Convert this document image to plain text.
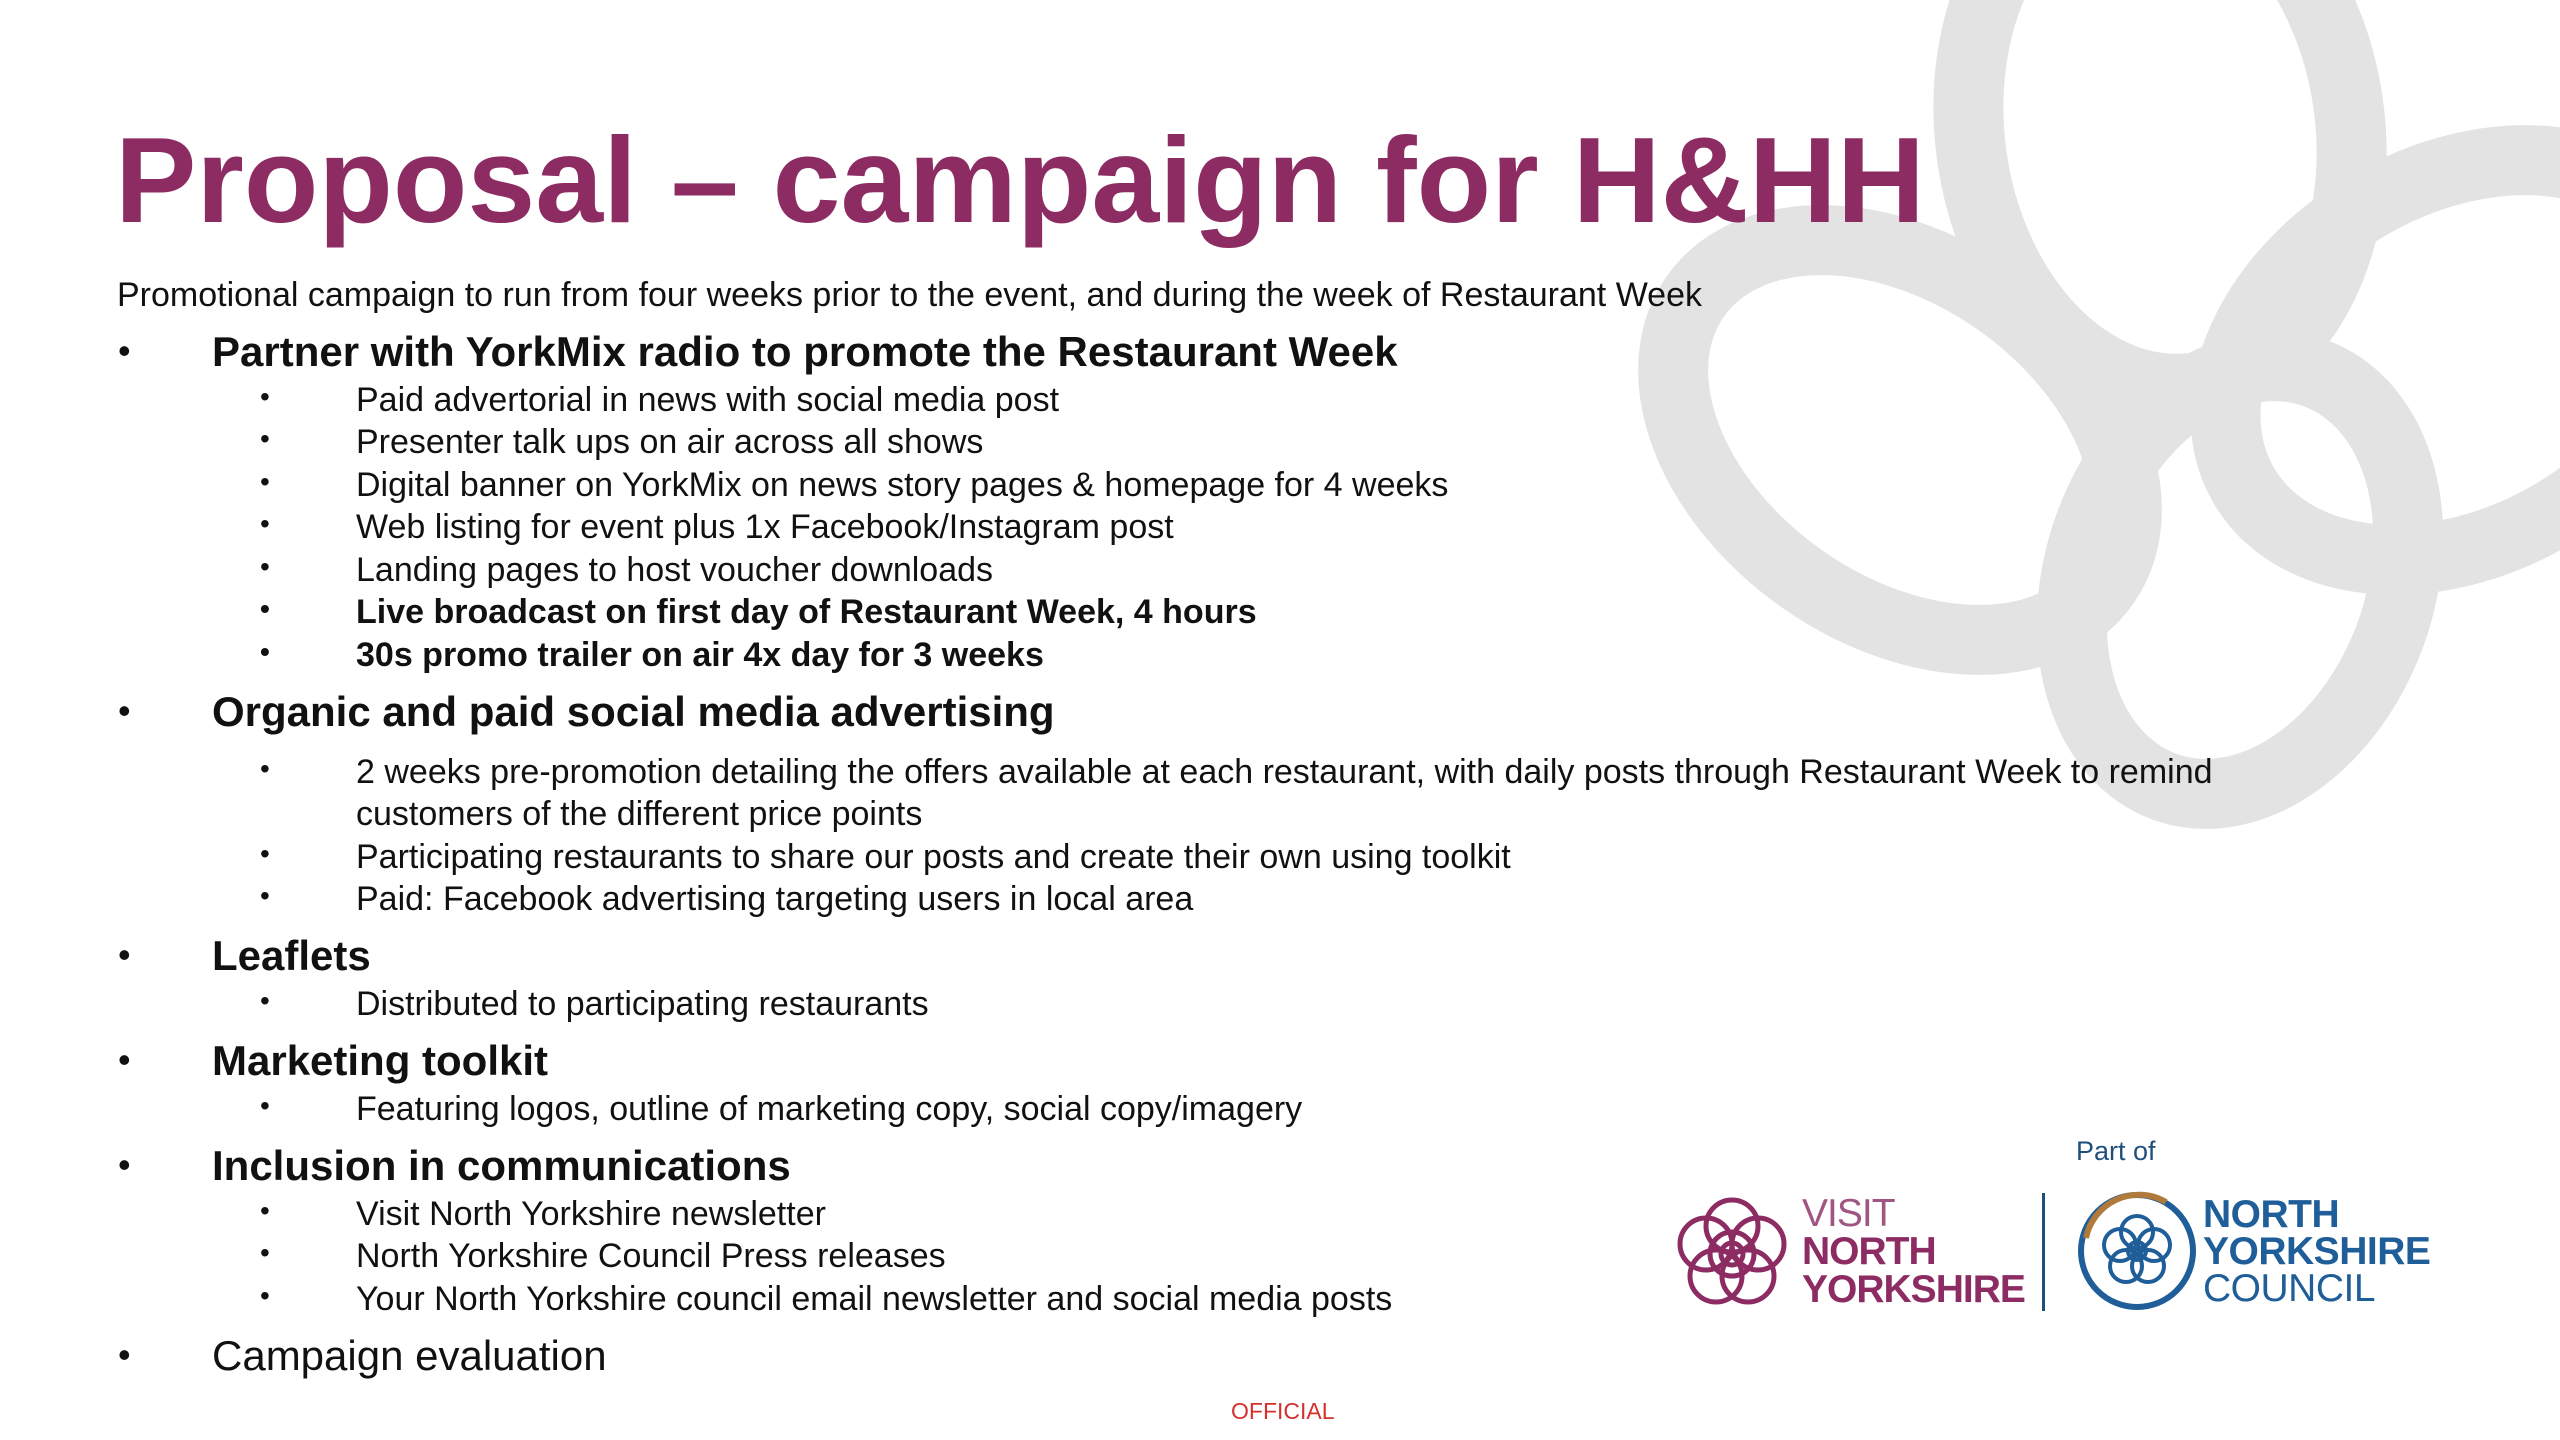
Proposal – campaign for H&HH
Promotional campaign to run from four weeks prior to the event, and during the week of Restaurant Week
• Partner with YorkMix radio to promote the Restaurant Week
•	Paid advertorial in news with social media post
•	Presenter talk ups on air across all shows
•	Digital banner on YorkMix on news story pages & homepage for 4 weeks
•	Web listing for event plus 1x Facebook/Instagram post
•	Landing pages to host voucher downloads
•	Live broadcast on first day of Restaurant Week, 4 hours
•	30s promo trailer on air 4x day for 3 weeks
• Organic and paid social media advertising
•	2 weeks pre-promotion detailing the offers available at each restaurant, with daily posts through Restaurant Week to remind
customers of the different price points
•	Participating restaurants to share our posts and create their own using toolkit
•	Paid: Facebook advertising targeting users in local area
• Leaflets
•	Distributed to participating restaurants
• Marketing toolkit
•	Featuring logos, outline of marketing copy, social copy/imagery
• Inclusion in communications
•	Visit North Yorkshire newsletter
•	North Yorkshire Council Press releases
•	Your North Yorkshire council email newsletter and social media posts
• Campaign evaluation
VISIT
NORTH
YORKSHIRE
Part of
NORTH
YORKSHIRE
COUNCIL
OFFICIAL
